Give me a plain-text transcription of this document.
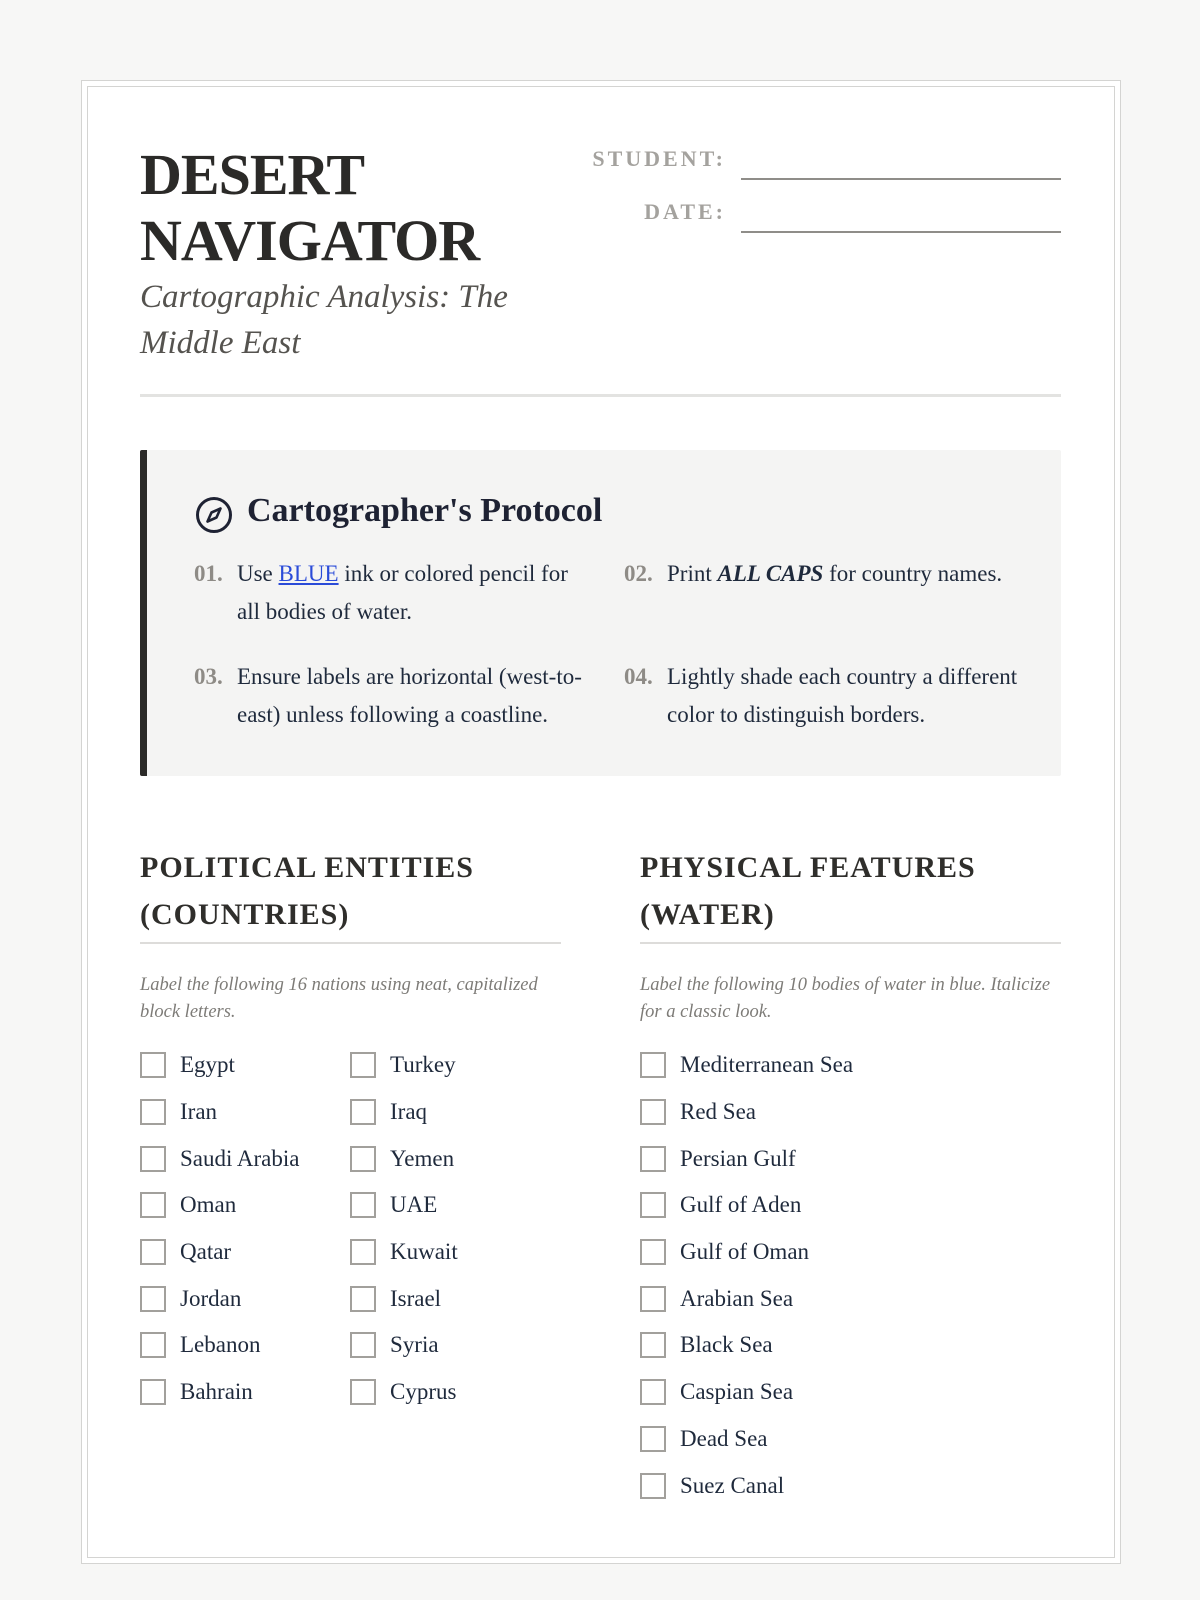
DESERT NAVIGATOR
Cartographic Analysis: The Middle East
STUDENT:
DATE:
Cartographer's Protocol
01. Use BLUE ink or colored pencil for all bodies of water.
02. Print ALL CAPS for country names.
03. Ensure labels are horizontal (west-to-east) unless following a coastline.
04. Lightly shade each country a different color to distinguish borders.
POLITICAL ENTITIES (COUNTRIES)

Label the following 16 nations using neat, capitalized block letters.

Egypt
Iran
Saudi Arabia
Oman
Qatar
Jordan
Lebanon
Bahrain
Turkey
Iraq
Yemen
UAE
Kuwait
Israel
Syria
Cyprus
PHYSICAL FEATURES (WATER)

Label the following 10 bodies of water in blue. Italicize for a classic look.

Mediterranean Sea
Red Sea
Persian Gulf
Gulf of Aden
Gulf of Oman
Arabian Sea
Black Sea
Caspian Sea
Dead Sea
Suez Canal
